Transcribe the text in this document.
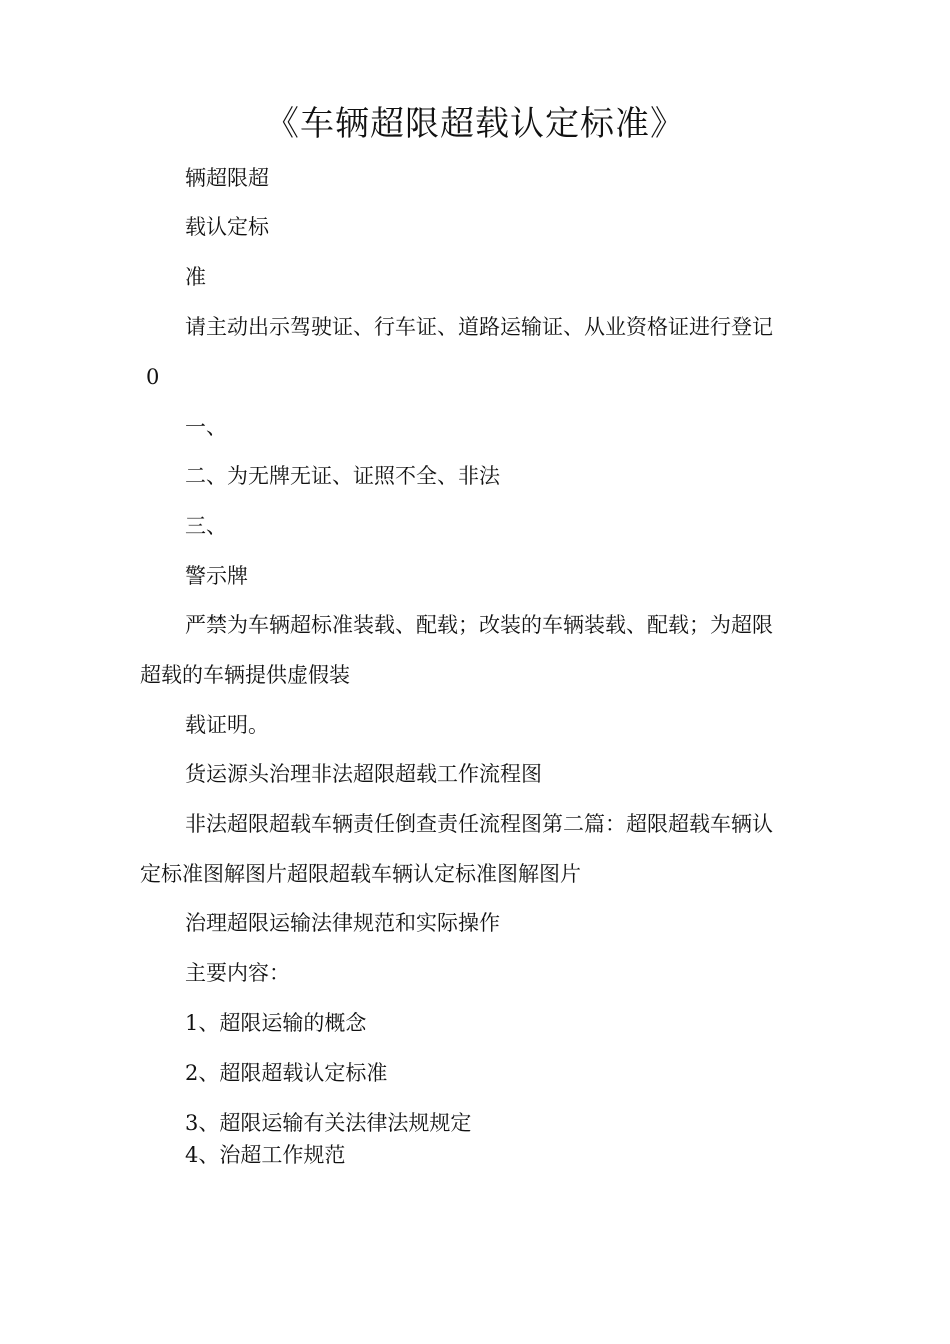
《车辆超限超载认定标准》
辆超限超
载认定标
准
请主动出示驾驶证、行车证、道路运输证、从业资格证进行登记
0
一、
二、为无牌无证、证照不全、非法
三、
警示牌
严禁为车辆超标准装载、配载；改装的车辆装载、配载；为超限
超载的车辆提供虚假装
载证明。
货运源头治理非法超限超载工作流程图
非法超限超载车辆责任倒查责任流程图第二篇：超限超载车辆认
定标准图解图片超限超载车辆认定标准图解图片
治理超限运输法律规范和实际操作
主要内容：
1、超限运输的概念
2、超限超载认定标准
3、超限运输有关法律法规规定
4、治超工作规范
